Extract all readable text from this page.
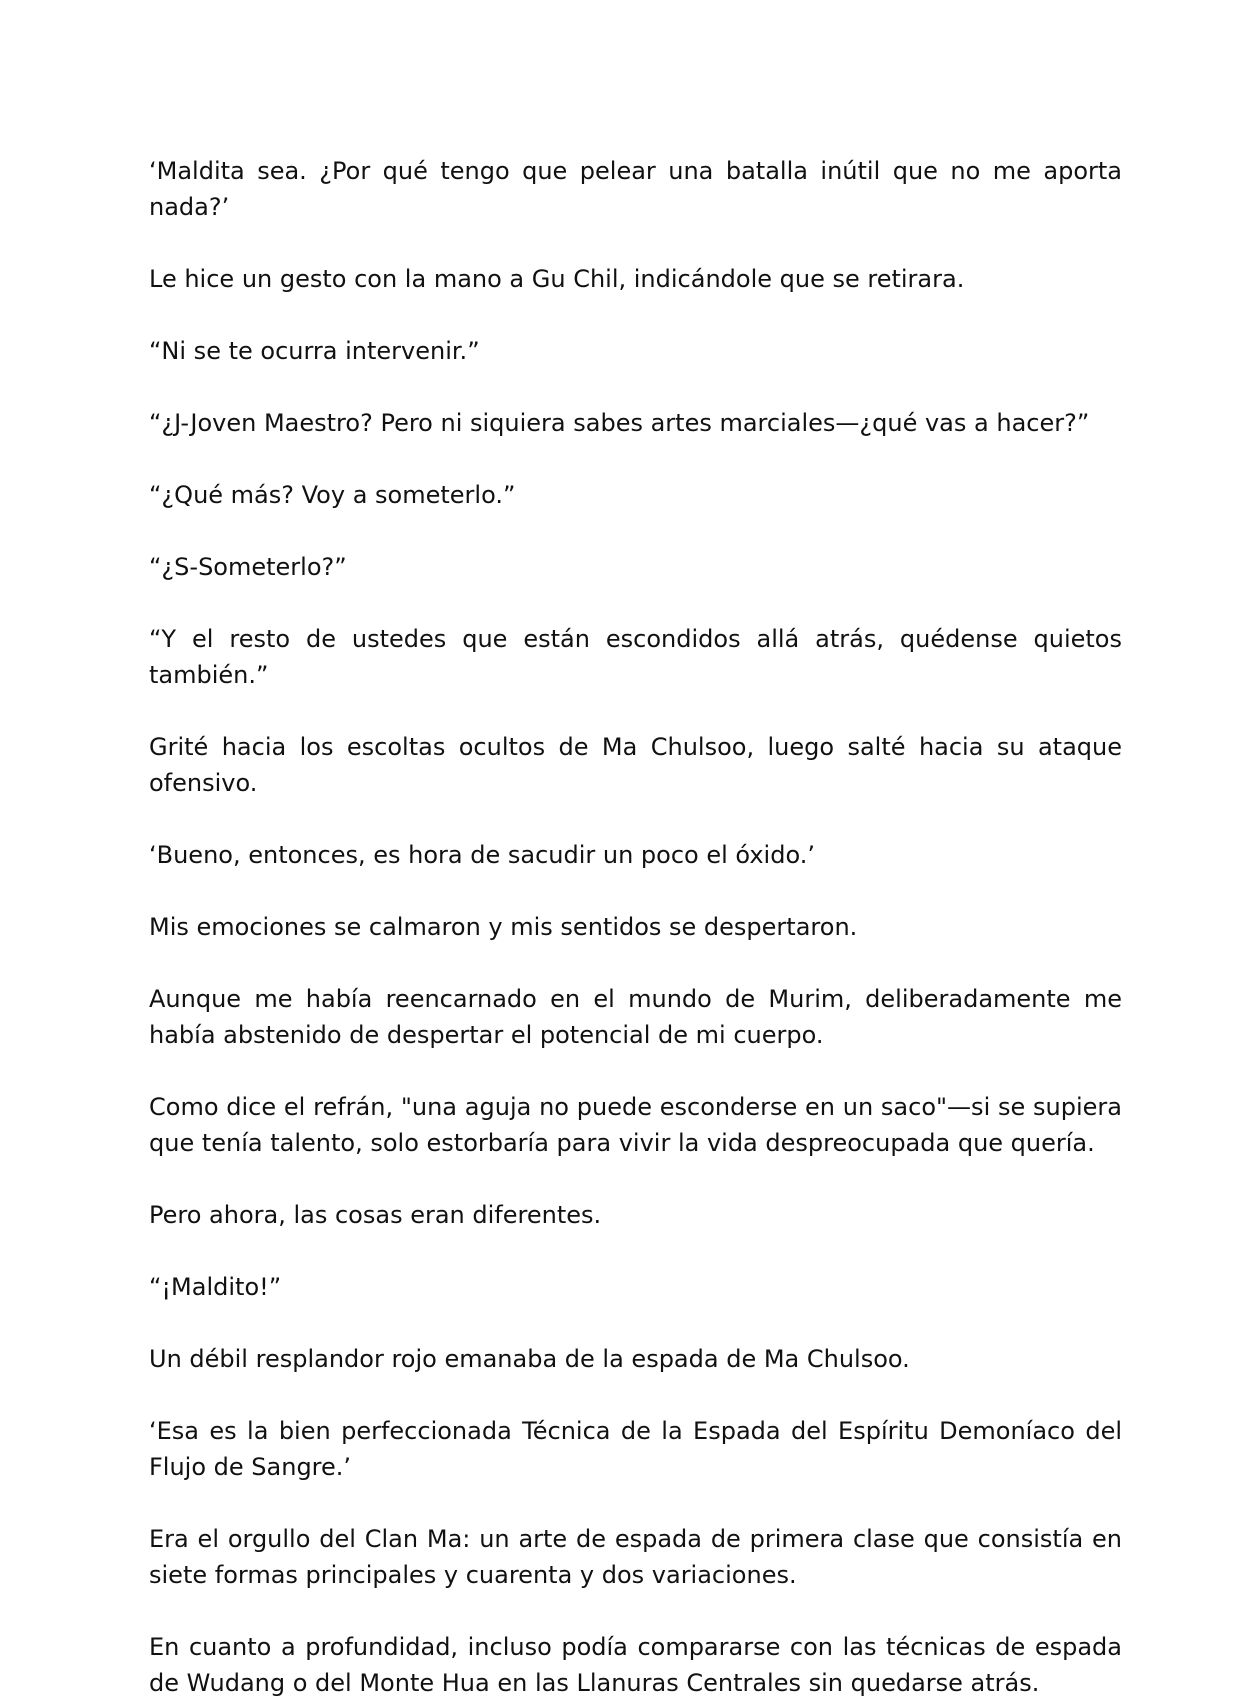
‘Maldita sea. ¿Por qué tengo que pelear una batalla inútil que no me aporta nada?’

Le hice un gesto con la mano a Gu Chil, indicándole que se retirara.

“Ni se te ocurra intervenir.”

“¿J-Joven Maestro? Pero ni siquiera sabes artes marciales—¿qué vas a hacer?”

“¿Qué más? Voy a someterlo.”

“¿S-Someterlo?”

“Y el resto de ustedes que están escondidos allá atrás, quédense quietos también.”

Grité hacia los escoltas ocultos de Ma Chulsoo, luego salté hacia su ataque ofensivo.

‘Bueno, entonces, es hora de sacudir un poco el óxido.’

Mis emociones se calmaron y mis sentidos se despertaron.

Aunque me había reencarnado en el mundo de Murim, deliberadamente me había abstenido de despertar el potencial de mi cuerpo.

Como dice el refrán, "una aguja no puede esconderse en un saco"—si se supiera que tenía talento, solo estorbaría para vivir la vida despreocupada que quería.

Pero ahora, las cosas eran diferentes.

“¡Maldito!”

Un débil resplandor rojo emanaba de la espada de Ma Chulsoo.

‘Esa es la bien perfeccionada Técnica de la Espada del Espíritu Demoníaco del Flujo de Sangre.’

Era el orgullo del Clan Ma: un arte de espada de primera clase que consistía en siete formas principales y cuarenta y dos variaciones.

En cuanto a profundidad, incluso podía compararse con las técnicas de espada de Wudang o del Monte Hua en las Llanuras Centrales sin quedarse atrás.
